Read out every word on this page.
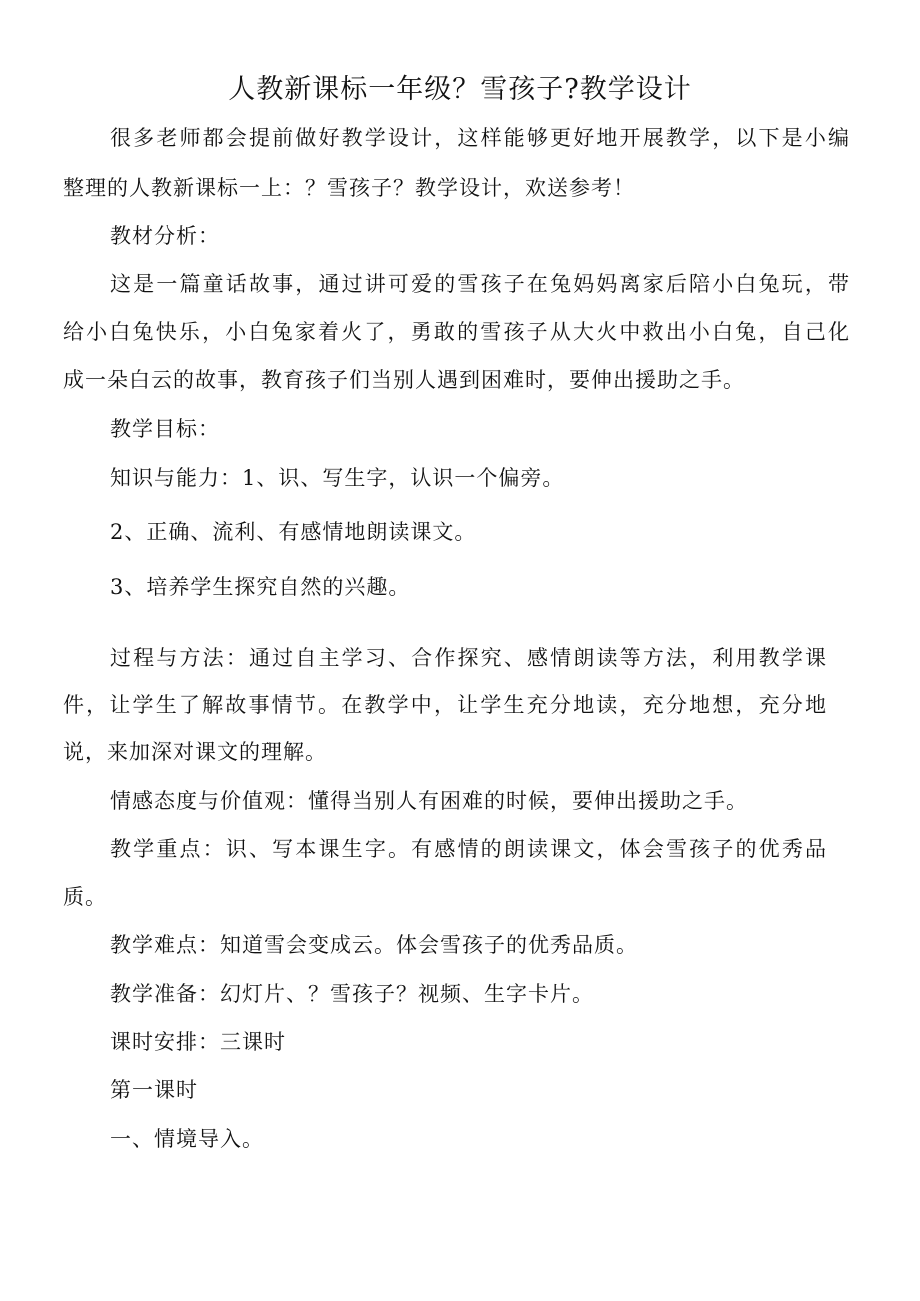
人教新课标一年级？雪孩子?教学设计
很多老师都会提前做好教学设计，这样能够更好地开展教学，以下是小编
整理的人教新课标一上：？雪孩子？教学设计，欢送参考！
教材分析：
这是一篇童话故事，通过讲可爱的雪孩子在兔妈妈离家后陪小白兔玩，带
给小白兔快乐，小白兔家着火了，勇敢的雪孩子从大火中救出小白兔，自己化
成一朵白云的故事，教育孩子们当别人遇到困难时，要伸出援助之手。
教学目标：
知识与能力：1、识、写生字，认识一个偏旁。
2、正确、流利、有感情地朗读课文。
3、培养学生探究自然的兴趣。
过程与方法：通过自主学习、合作探究、感情朗读等方法，利用教学课
件，让学生了解故事情节。在教学中，让学生充分地读，充分地想，充分地
说，来加深对课文的理解。
情感态度与价值观：懂得当别人有困难的时候，要伸出援助之手。
教学重点：识、写本课生字。有感情的朗读课文，体会雪孩子的优秀品
质。
教学难点：知道雪会变成云。体会雪孩子的优秀品质。
教学准备：幻灯片、？雪孩子？视频、生字卡片。
课时安排：三课时
第一课时
一、情境导入。
